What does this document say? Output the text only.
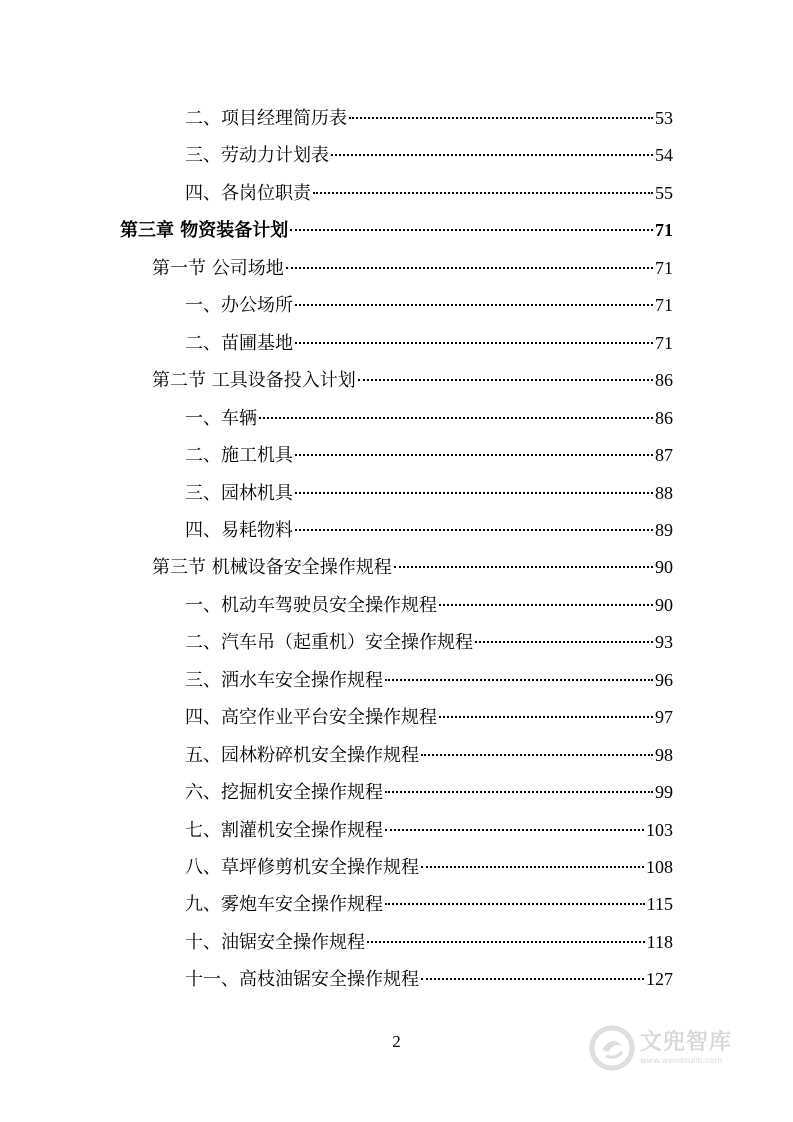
二、项目经理简历表	53
三、劳动力计划表	54
四、各岗位职责	55
第三章 物资装备计划	71
第一节 公司场地	71
一、办公场所	71
二、苗圃基地	71
第二节 工具设备投入计划	86
一、车辆	86
二、施工机具	87
三、园林机具	88
四、易耗物料	89
第三节 机械设备安全操作规程	90
一、机动车驾驶员安全操作规程	90
二、汽车吊（起重机）安全操作规程	93
三、洒水车安全操作规程	96
四、高空作业平台安全操作规程	97
五、园林粉碎机安全操作规程	98
六、挖掘机安全操作规程	99
七、割灌机安全操作规程	103
八、草坪修剪机安全操作规程	108
九、雾炮车安全操作规程	115
十、油锯安全操作规程	118
十一、高枝油锯安全操作规程	127
2	文兜智库
www.wendoulib.com
